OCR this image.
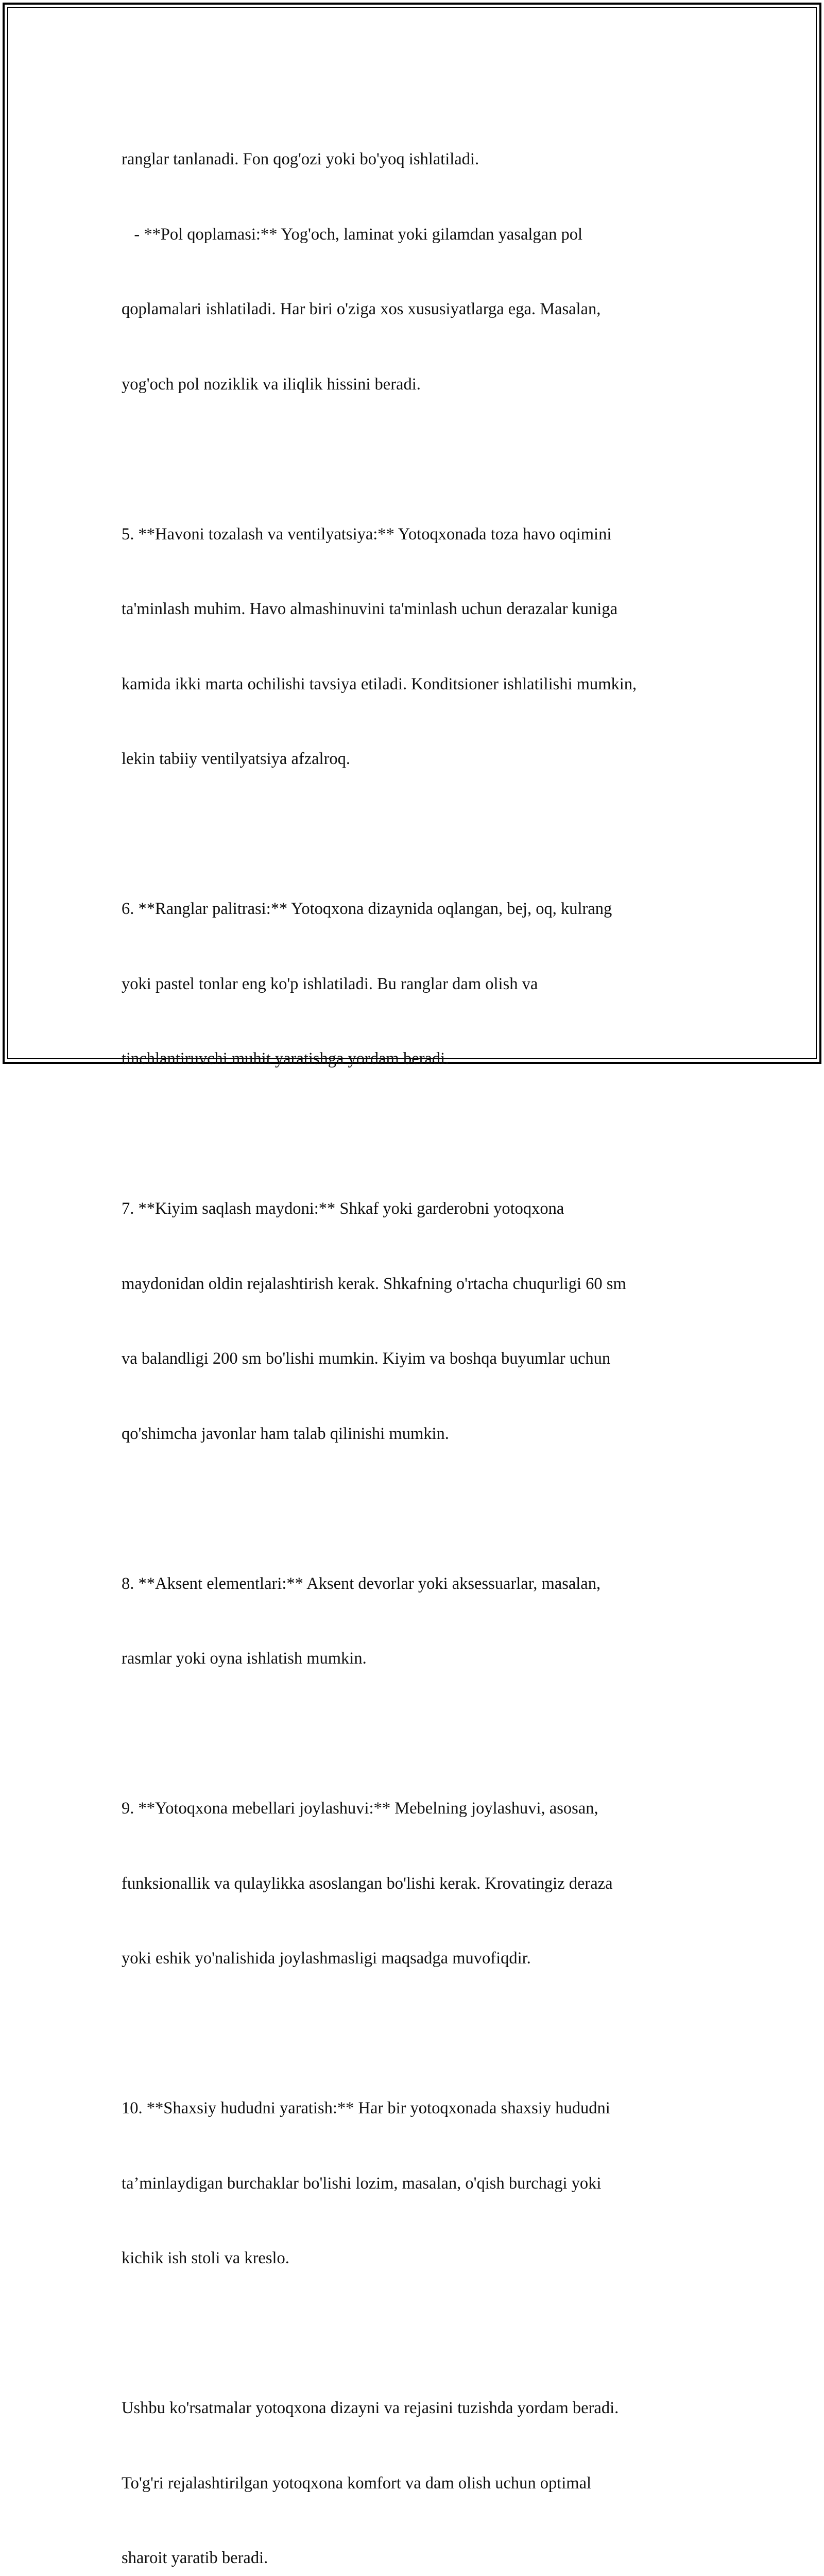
ranglar tanlanadi. Fon qog'ozi yoki bo'yoq ishlatiladi.

- **Pol qoplamasi:** Yog'och, laminat yoki gilamdan yasalgan pol

qoplamalari ishlatiladi. Har biri o'ziga xos xususiyatlarga ega. Masalan,

yog'och pol noziklik va iliqlik hissini beradi.

5. **Havoni tozalash va ventilyatsiya:** Yotoqxonada toza havo oqimini

ta'minlash muhim. Havo almashinuvini ta'minlash uchun derazalar kuniga

kamida ikki marta ochilishi tavsiya etiladi. Konditsioner ishlatilishi mumkin,

lekin tabiiy ventilyatsiya afzalroq.

6. **Ranglar palitrasi:** Yotoqxona dizaynida oqlangan, bej, oq, kulrang

yoki pastel tonlar eng ko'p ishlatiladi. Bu ranglar dam olish va

tinchlantiruvchi muhit yaratishga yordam beradi.

7. **Kiyim saqlash maydoni:** Shkaf yoki garderobni yotoqxona

maydonidan oldin rejalashtirish kerak. Shkafning o'rtacha chuqurligi 60 sm

va balandligi 200 sm bo'lishi mumkin. Kiyim va boshqa buyumlar uchun

qo'shimcha javonlar ham talab qilinishi mumkin.

8. **Aksent elementlari:** Aksent devorlar yoki aksessuarlar, masalan,

rasmlar yoki oyna ishlatish mumkin.

9. **Yotoqxona mebellari joylashuvi:** Mebelning joylashuvi, asosan,

funksionallik va qulaylikka asoslangan bo'lishi kerak. Krovatingiz deraza

yoki eshik yo'nalishida joylashmasligi maqsadga muvofiqdir.

10. **Shaxsiy hududni yaratish:** Har bir yotoqxonada shaxsiy hududni

ta’minlaydigan burchaklar bo'lishi lozim, masalan, o'qish burchagi yoki

kichik ish stoli va kreslo.

Ushbu ko'rsatmalar yotoqxona dizayni va rejasini tuzishda yordam beradi.

To'g'ri rejalashtirilgan yotoqxona komfort va dam olish uchun optimal

sharoit yaratib beradi.
